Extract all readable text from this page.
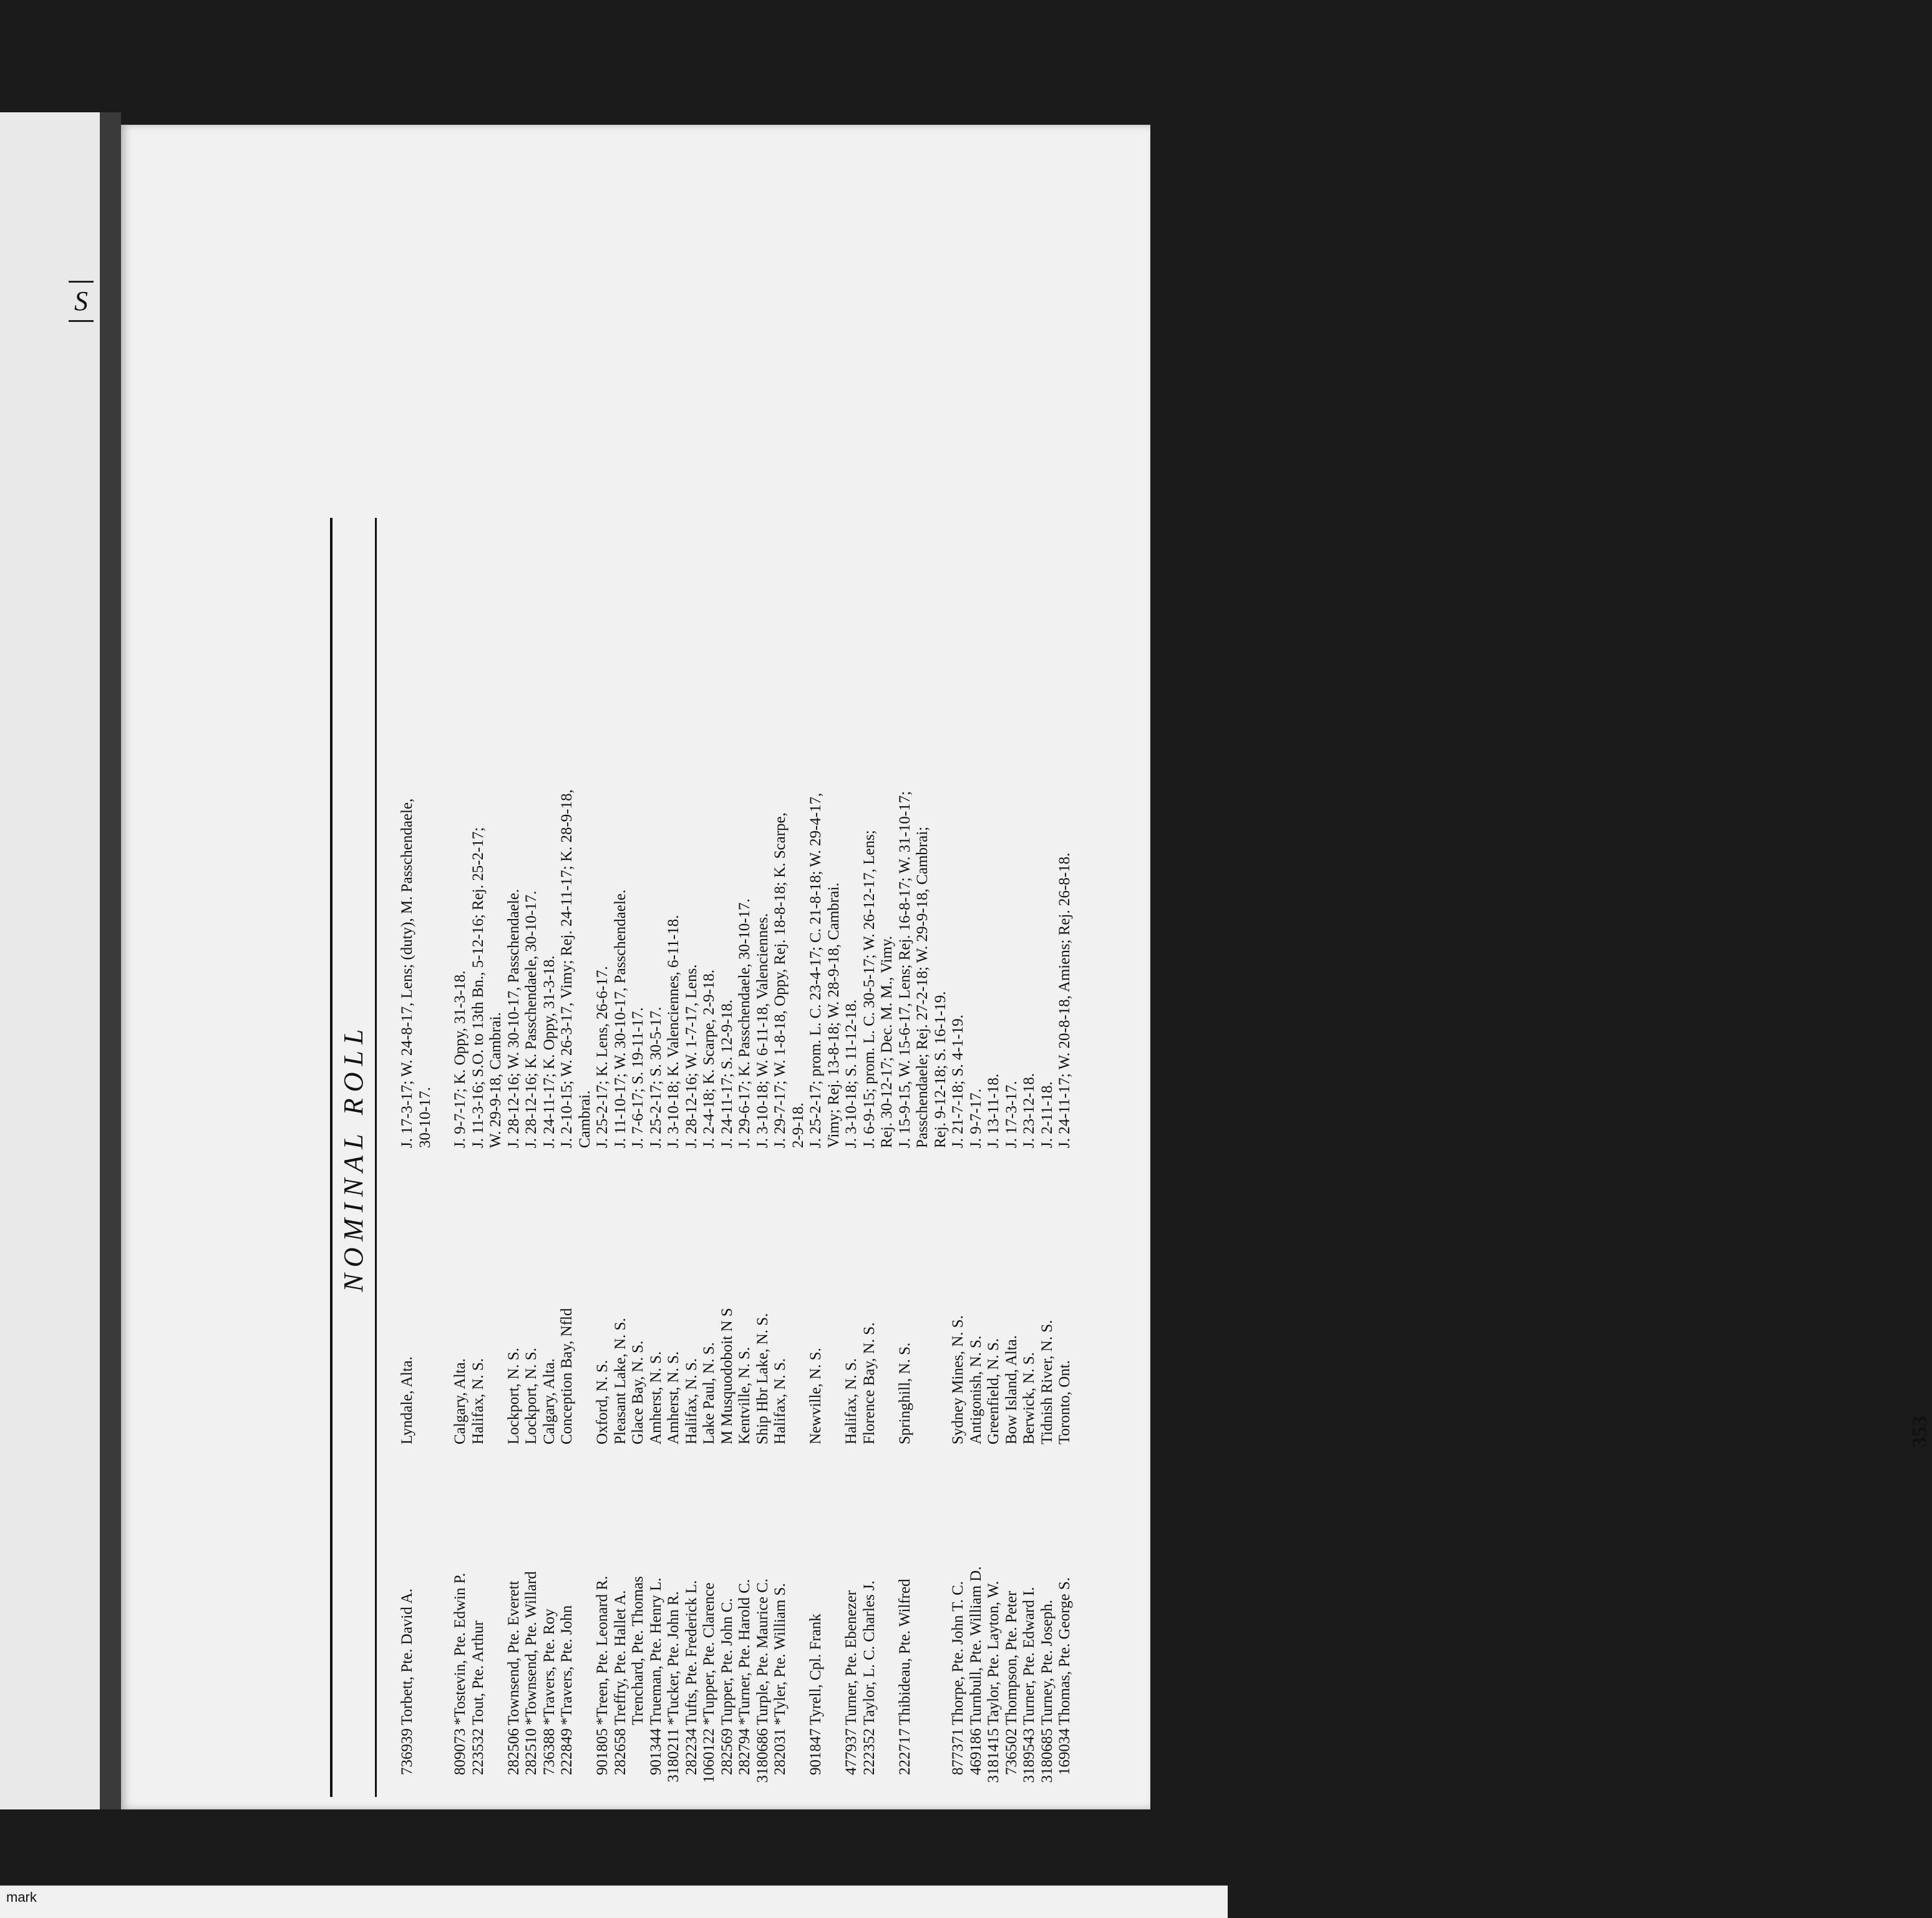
S
NOMINAL ROLL
736939
Torbett, Pte. David A.
Lyndale, Alta.
J. 17-3-17; W. 24-8-17, Lens; (duty), M. Passchendaele, 30-10-17.
809073
*Tostevin, Pte. Edwin P.
Calgary, Alta.
J. 9-7-17; K. Oppy, 31-3-18.
223532
Tout, Pte. Arthur
Halifax, N. S.
J. 11-3-16; S.O. to 13th Bn., 5-12-16; Rej. 25-2-17; W. 29-9-18, Cambrai.
282506
Townsend, Pte. Everett
Lockport, N. S.
J. 28-12-16; W. 30-10-17, Passchendaele.
282510
*Townsend, Pte. Willard
Lockport, N. S.
J. 28-12-16; K. Passchendaele, 30-10-17.
736388
*Travers, Pte. Roy
Calgary, Alta.
J. 24-11-17; K. Oppy, 31-3-18.
222849
*Travers, Pte. John
Conception Bay, Nfld
J. 2-10-15; W. 26-3-17, Vimy; Rej. 24-11-17; K. 28-9-18, Cambrai.
901805
*Treen, Pte. Leonard R.
Oxford, N. S.
J. 25-2-17; K. Lens, 26-6-17.
282658
Treffry, Pte. Hallet A.
Pleasant Lake, N. S.
J. 11-10-17; W. 30-10-17, Passchendaele.
Trenchard, Pte. Thomas
Glace Bay, N. S.
J. 7-6-17; S. 19-11-17.
901344
Trueman, Pte. Henry L.
Amherst, N. S.
J. 25-2-17; S. 30-5-17.
3180211
*Tucker, Pte. John R.
Amherst, N. S.
J. 3-10-18; K. Valenciennes, 6-11-18.
282234
Tufts, Pte. Frederick L.
Halifax, N. S.
J. 28-12-16; W. 1-7-17, Lens.
1060122
*Tupper, Pte. Clarence
Lake Paul, N. S.
J. 2-4-18; K. Scarpe, 2-9-18.
282569
Tupper, Pte. John C.
M Musquodoboit N S
J. 24-11-17; S. 12-9-18.
282794
*Turner, Pte. Harold C.
Kentville, N. S.
J. 29-6-17; K. Passchendaele, 30-10-17.
3180686
Turple, Pte. Maurice C.
Ship Hbr Lake, N. S.
J. 3-10-18; W. 6-11-18, Valenciennes.
282031
*Tyler, Pte. William S.
Halifax, N. S.
J. 29-7-17; W. 1-8-18, Oppy, Rej. 18-8-18; K. Scarpe, 2-9-18.
901847
Tyrell, Cpl. Frank
Newville, N. S.
J. 25-2-17; prom. L. C. 23-4-17; C. 21-8-18; W. 29-4-17, Vimy; Rej. 13-8-18; W. 28-9-18, Cambrai.
477937
Turner, Pte. Ebenezer
Halifax, N. S.
J. 3-10-18; S. 11-12-18.
222352
Taylor, L. C. Charles J.
Florence Bay, N. S.
J. 6-9-15; prom. L. C. 30-5-17; W. 26-12-17, Lens; Rej. 30-12-17; Dec. M. M., Vimy.
222717
Thibideau, Pte. Wilfred
Springhill, N. S.
J. 15-9-15, W. 15-6-17, Lens; Rej. 16-8-17; W. 31-10-17; Passchendaele; Rej. 27-2-18; W. 29-9-18, Cambrai; Rej. 9-12-18; S. 16-1-19.
877371
Thorpe, Pte. John T. C.
Sydney Mines, N. S.
J. 21-7-18; S. 4-1-19.
469186
Turnbull, Pte. William D.
Antigonish, N. S.
J. 9-7-17.
3181415
Taylor, Pte. Layton, W.
Greenfield, N. S.
J. 13-11-18.
736502
Thompson, Pte. Peter
Bow Island, Alta.
J. 17-3-17.
3189543
Turner, Pte. Edward I.
Berwick, N. S.
J. 23-12-18.
3180685
Turney, Pte. Joseph.
Tidnish River, N. S.
J. 2-11-18.
169034
Thomas, Pte. George S.
Toronto, Ont.
J. 24-11-17; W. 20-8-18, Amiens; Rej. 26-8-18.
353
mark
